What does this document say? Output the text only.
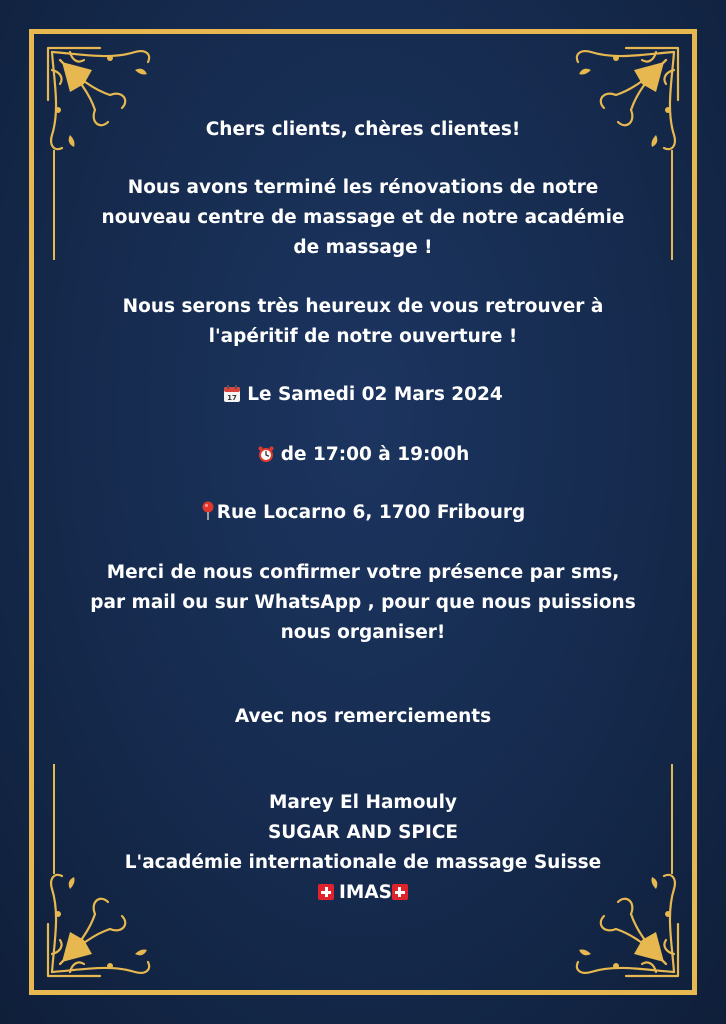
Chers clients, chères clientes!

Nous avons terminé les rénovations de notre
nouveau centre de massage et de notre académie
de massage !

Nous serons très heureux de vous retrouver à
l'apéritif de notre ouverture !

17 Le Samedi 02 Mars 2024

de 17:00 à 19:00h

Rue Locarno 6, 1700 Fribourg

Merci de nous confirmer votre présence par sms,
par mail ou sur WhatsApp , pour que nous puissions
nous organiser!

Avec nos remerciements

Marey El Hamouly
SUGAR AND SPICE
L'académie internationale de massage Suisse
IMAS
